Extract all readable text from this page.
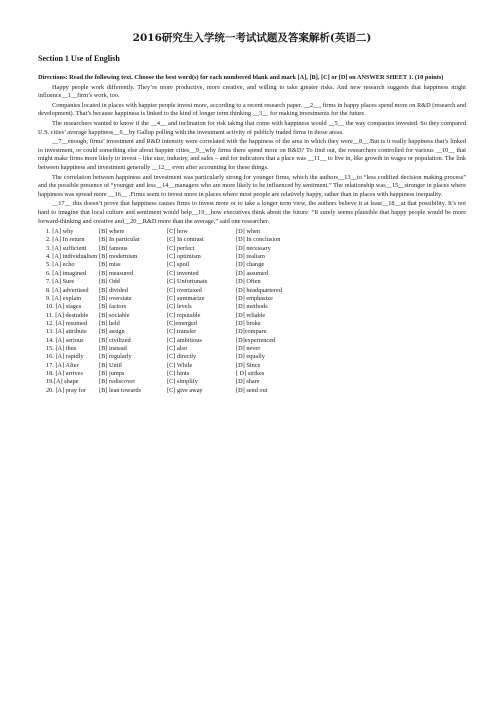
2016研究生入学统一考试试题及答案解析(英语二)
Section 1 Use of English
Directions: Read the following text. Choose the best word(s) for each numbered blank and mark [A], [B], [C] or [D] on ANSWER SHEET 1. (10 points)

Happy people work differently. They’re more productive, more creative, and willing to take greater risks. And new research suggests that happiness might influence__1__firm’s work, too.

Companies located in places with happier people invest more, according to a recent research paper. __2__, firms in happy places spend more on R&D (research and development). That’s because happiness is linked to the kind of longer term thinking __3__ for making investments for the future.

The researchers wanted to know if the __4__ and inclination for risk taking that come with happiness would __5__ the way companies invested. So they compared U.S. cities’ average happiness__6__by Gallup polling with the investment activity of publicly traded firms in those areas.

__7__enough, firms’ investment and R&D intensity were correlated with the happiness of the area in which they were__8__.But is it really happiness that’s linked to investment, or could something else about happier cities__9__why firms there spend more on R&D? To find out, the researchers controlled for various __10__ that might make firms more likely to invest – like size, industry, and sales – and for indicators that a place was __11__ to live in, like growth in wages or population. The link between happiness and investment generally __12__ even after accounting for these things.

The correlation between happiness and investment was particularly strong for younger firms, which the authors__13__to “less codified decision making process” and the possible presence of “younger and less__14__managers who are more likely to be influenced by sentiment.” The relationship was__15__stronger in places where happiness was spread more __16__ .Firms seem to invest more in places where most people are relatively happy, rather than in places with happiness inequality.

__17__ this doesn’t prove that happiness causes firms to invest more or to take a longer term view, the authors believe it at least__18__at that possibility. It’s not hard to imagine that local culture and sentiment would help__19__how executives think about the future. “It surely seems plausible that happy people would be more forward-thinking and creative and__20__R&D more than the average,” said one researcher.

1. [A] why	[B] where	[C] how	[D] when
2. [A] In return	[B] In particular	[C] In contrast	[D] In conclusion
3. [A] sufficient	[B] famous	[C] perfect	[D] necessary
4. [A] individualism [B] modernism	[C] optimism	[D] realism
5. [A] echo	[B] miss	[C] spoil	[D] change
6. [A] imagined	[B] measured	[C] invented	[D] assumed
7. [A] Sure	[B] Odd	[C] Unfortunate	[D] Often
8. [A] advertised	[B] divided	[C] overtaxed	[D] headquartered
9. [A] explain	[B] overstate	[C] summarize	[D] emphasize
10. [A] stages	[B] factors	[C] levels	[D] methods
11. [A] desirable	[B] sociable	[C] reputable	[D] reliable
12. [A] resumed	[B] held	[C]emerged	[D] broke
13. [A] attribute	[B] assign	[C] transfer	[D]compare
14. [A] serious	[B] civilized	[C] ambitious	[D]experienced
15. [A] thus	[B] instead	[C] also	[D] never
16. [A] rapidly	[B] regularly	[C] directly	[D] equally
17. [A] After	[B] Until	[C] While	[D] Since
18. [A] arrives	[B] jumps	[C] hints	[ D] strikes
19.[A] shape	[B] rediscover	[C] simplify	[D] share
20. [A] pray for	[B] lean towards	[C] give away	[D] send out
